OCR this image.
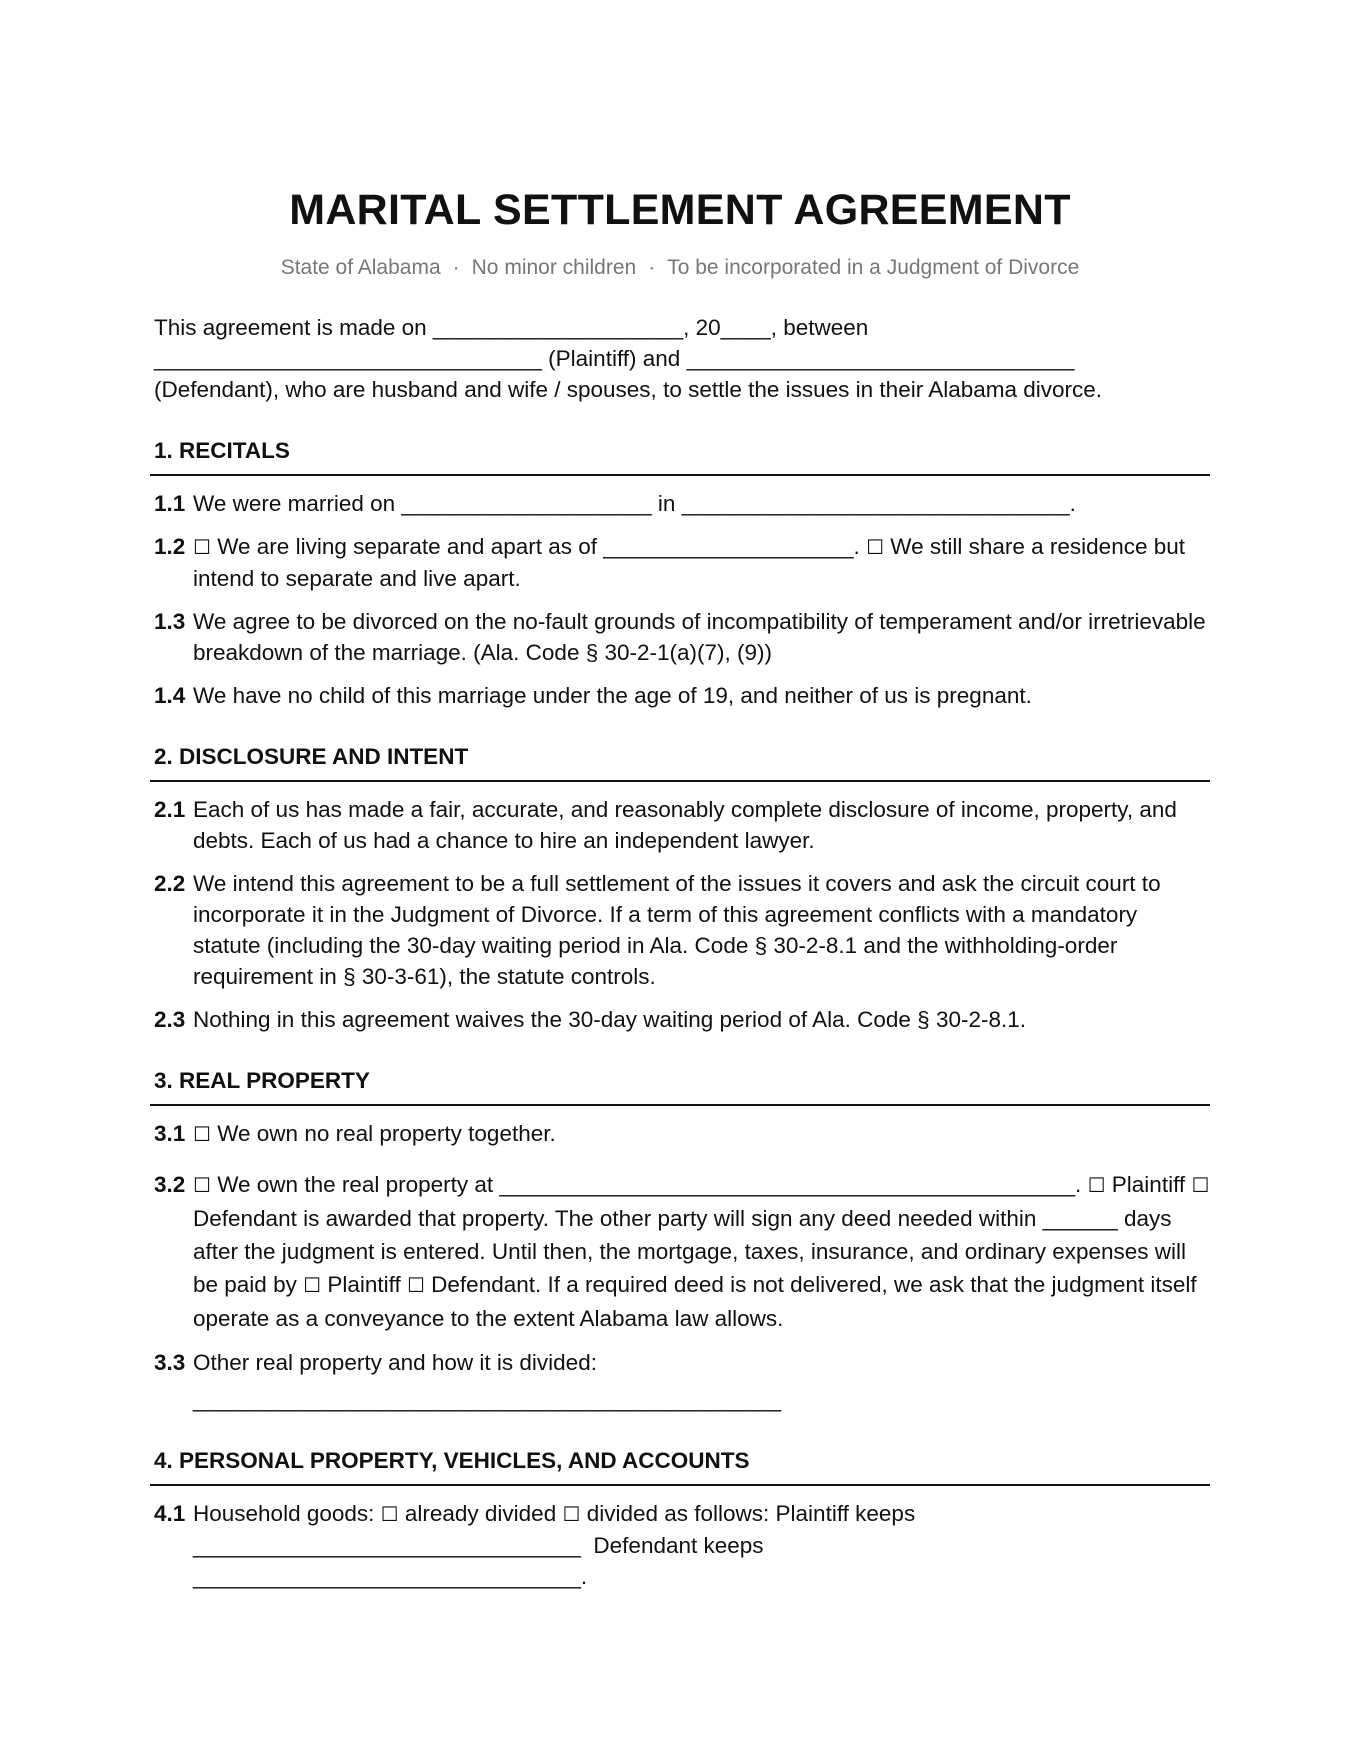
MARITAL SETTLEMENT AGREEMENT
State of Alabama · No minor children · To be incorporated in a Judgment of Divorce

This agreement is made on ____________________, 20____, between
_______________________________ (Plaintiff) and _______________________________
(Defendant), who are husband and wife / spouses, to settle the issues in their Alabama divorce.

1. RECITALS
1.1 We were married on ____________________ in _______________________________.
1.2 ☐ We are living separate and apart as of ____________________. ☐ We still share a residence but intend to separate and live apart.
1.3 We agree to be divorced on the no-fault grounds of incompatibility of temperament and/or irretrievable breakdown of the marriage. (Ala. Code § 30-2-1(a)(7), (9))
1.4 We have no child of this marriage under the age of 19, and neither of us is pregnant.
2. DISCLOSURE AND INTENT
2.1 Each of us has made a fair, accurate, and reasonably complete disclosure of income, property, and debts. Each of us had a chance to hire an independent lawyer.
2.2 We intend this agreement to be a full settlement of the issues it covers and ask the circuit court to incorporate it in the Judgment of Divorce. If a term of this agreement conflicts with a mandatory statute (including the 30-day waiting period in Ala. Code § 30-2-8.1 and the withholding-order requirement in § 30-3-61), the statute controls.
2.3 Nothing in this agreement waives the 30-day waiting period of Ala. Code § 30-2-8.1.
3. REAL PROPERTY
3.1 ☐ We own no real property together.
3.2 ☐ We own the real property at ______________________________________________. ☐ Plaintiff ☐ Defendant is awarded that property. The other party will sign any deed needed within ______ days after the judgment is entered. Until then, the mortgage, taxes, insurance, and ordinary expenses will be paid by ☐ Plaintiff ☐ Defendant. If a required deed is not delivered, we ask that the judgment itself operate as a conveyance to the extent Alabama law allows.
3.3 Other real property and how it is divided:
_______________________________________________
4. PERSONAL PROPERTY, VEHICLES, AND ACCOUNTS
4.1 Household goods: ☐ already divided ☐ divided as follows: Plaintiff keeps
_______________________________  Defendant keeps
_______________________________.
